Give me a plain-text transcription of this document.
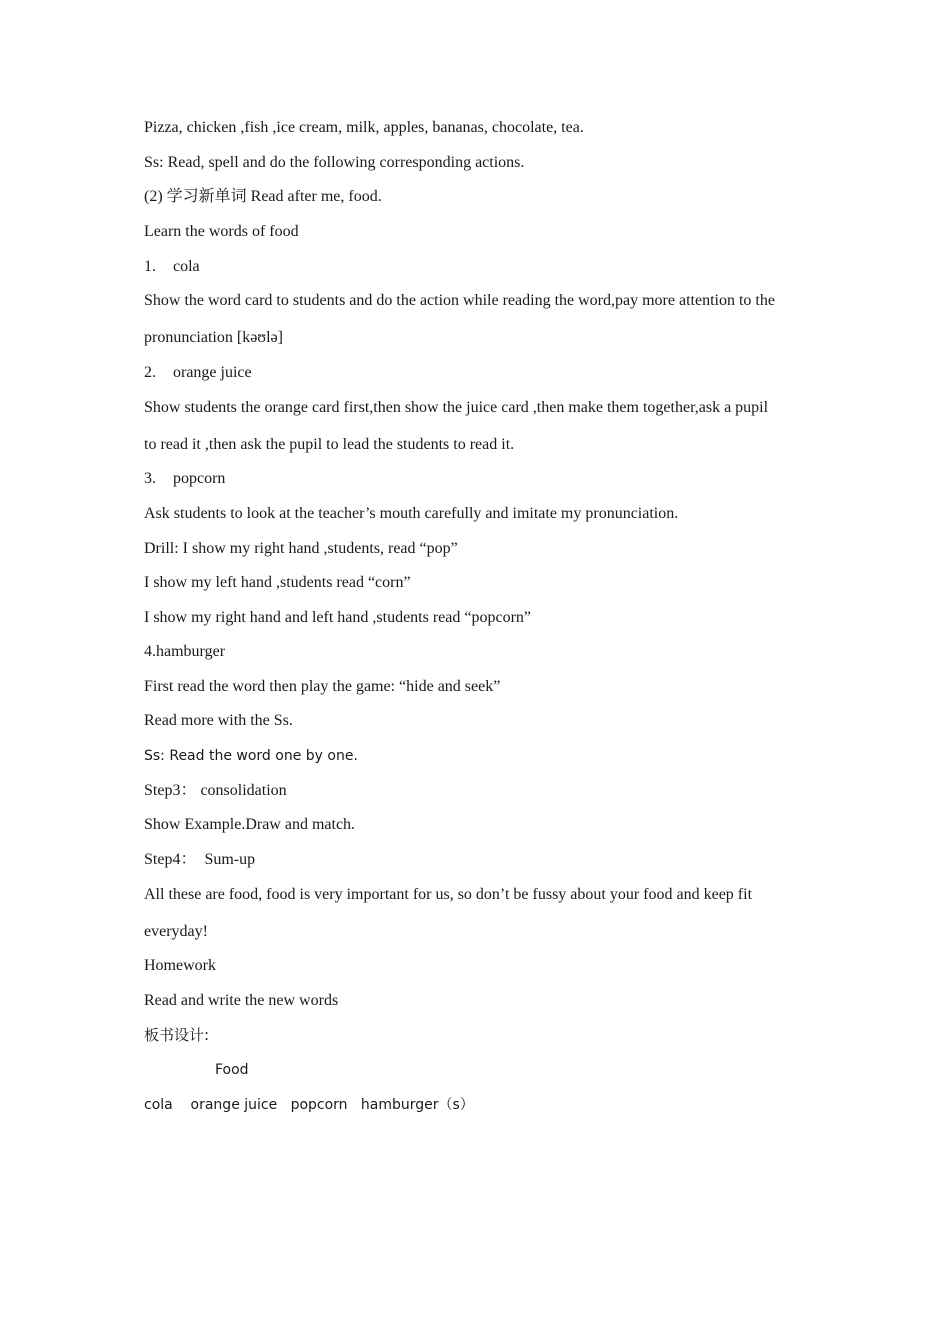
Pizza, chicken ,fish ,ice cream, milk, apples, bananas, chocolate, tea.

Ss: Read, spell and do the following corresponding actions.

(2) 学习新单词 Read after me, food.

Learn the words of food

1. cola

Show the word card to students and do the action while reading the word,pay more attention to the

pronunciation [kəʊlə]

2. orange juice

Show students the orange card first,then show the juice card ,then make them together,ask a pupil

to read it ,then ask the pupil to lead the students to read it.

3. popcorn

Ask students to look at the teacher’s mouth carefully and imitate my pronunciation.

Drill: I show my right hand ,students, read “pop”

I show my left hand ,students read “corn”

I show my right hand and left hand ,students read “popcorn”

4.hamburger

First read the word then play the game: “hide and seek”

Read more with the Ss.

Ss: Read the word one by one.

Step3： consolidation

Show Example.Draw and match.

Step4： Sum-up

All these are food, food is very important for us, so don’t be fussy about your food and keep fit

everyday!

Homework

Read and write the new words

板书设计:

Food

cola    orange juice   popcorn   hamburger（s）
